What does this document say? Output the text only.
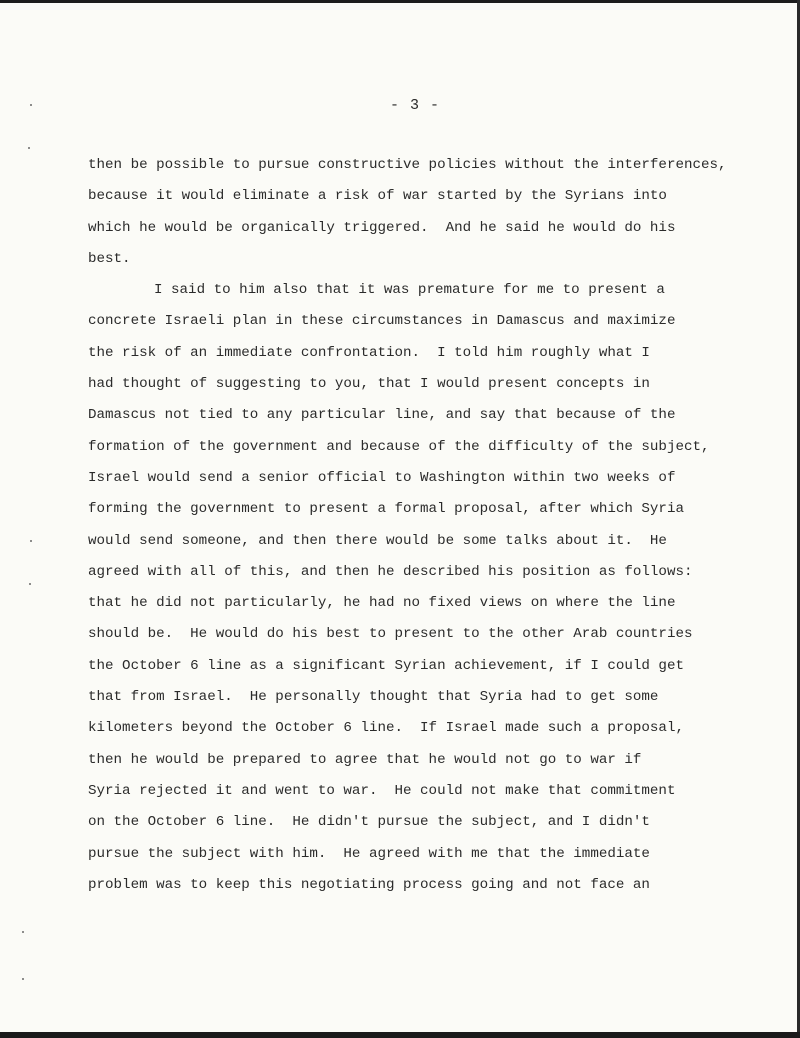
- 3 -
then be possible to pursue constructive policies without the interferences,
because it would eliminate a risk of war started by the Syrians into
which he would be organically triggered.  And he said he would do his
best.
I said to him also that it was premature for me to present a
concrete Israeli plan in these circumstances in Damascus and maximize
the risk of an immediate confrontation.  I told him roughly what I
had thought of suggesting to you, that I would present concepts in
Damascus not tied to any particular line, and say that because of the
formation of the government and because of the difficulty of the subject,
Israel would send a senior official to Washington within two weeks of
forming the government to present a formal proposal, after which Syria
would send someone, and then there would be some talks about it.  He
agreed with all of this, and then he described his position as follows:
that he did not particularly, he had no fixed views on where the line
should be.  He would do his best to present to the other Arab countries
the October 6 line as a significant Syrian achievement, if I could get
that from Israel.  He personally thought that Syria had to get some
kilometers beyond the October 6 line.  If Israel made such a proposal,
then he would be prepared to agree that he would not go to war if
Syria rejected it and went to war.  He could not make that commitment
on the October 6 line.  He didn't pursue the subject, and I didn't
pursue the subject with him.  He agreed with me that the immediate
problem was to keep this negotiating process going and not face an
